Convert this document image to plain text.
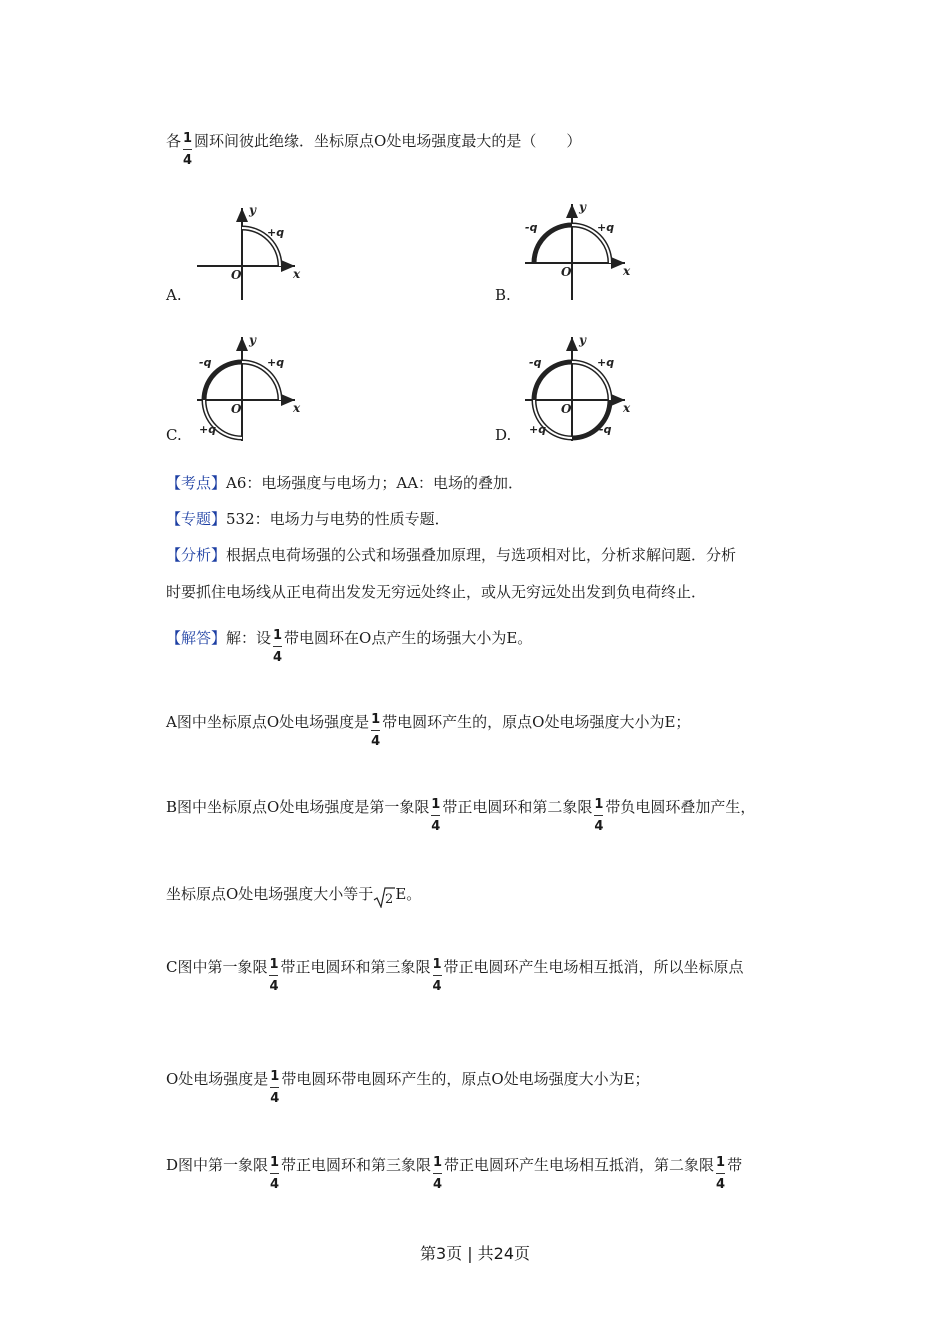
各 $\frac{1}{4}$ 圆环间彼此绝缘．坐标原点O处电场强度最大的是（　　）
y
x
O
+q
A.
y
x
O
-q	+q
B.
y
x
O
-q	+q
+q
C.
y
x
O
-q	+q
+q	-q
D.
【考点】A6：电场强度与电场力；AA：电场的叠加．
【专题】532：电场力与电势的性质专题．
【分析】根据点电荷场强的公式和场强叠加原理，与选项相对比，分析求解问题．分析
时要抓住电场线从正电荷出发发无穷远处终止，或从无穷远处出发到负电荷终止．
【解答】解：设 $\frac{1}{4}$ 带电圆环在O点产生的场强大小为E。
A图中坐标原点O处电场强度是 $\frac{1}{4}$ 带电圆环产生的，原点O处电场强度大小为E；
B图中坐标原点O处电场强度是第一象限 $\frac{1}{4}$ 带正电圆环和第二象限 $\frac{1}{4}$ 带负电圆环叠加产生，
坐标原点O处电场强度大小等于 2 E。
C图中第一象限 $\frac{1}{4}$ 带正电圆环和第三象限 $\frac{1}{4}$ 带正电圆环产生电场相互抵消，所以坐标原点
O处电场强度是 $\frac{1}{4}$ 带电圆环带电圆环产生的，原点O处电场强度大小为E；
D图中第一象限 $\frac{1}{4}$ 带正电圆环和第三象限 $\frac{1}{4}$ 带正电圆环产生电场相互抵消，第二象限 $\frac{1}{4}$ 带
第3页 | 共24页
